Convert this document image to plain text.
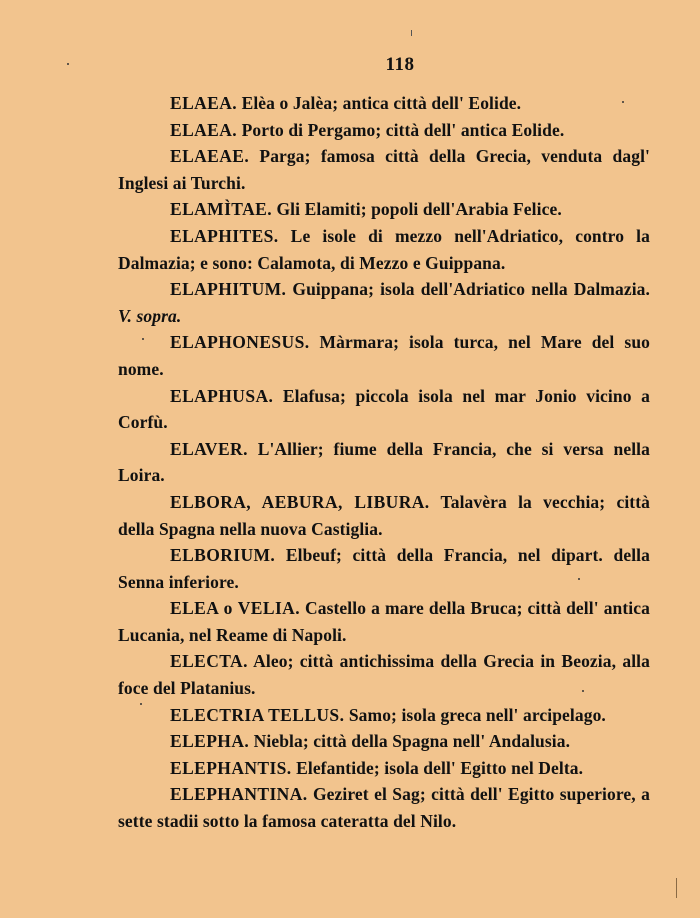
118

ELAEA. Elèa o Jalèa; antica città dell' Eolide.

ELAEA. Porto di Pergamo; città dell' antica Eolide.

ELAEAE. Parga; famosa città della Grecia, venduta dagl' Inglesi ai Turchi.

ELAMÌTAE. Gli Elamiti; popoli dell'Arabia Felice.

ELAPHITES. Le isole di mezzo nell'Adriatico, contro la Dalmazia; e sono: Calamota, di Mezzo e Guippana.

ELAPHITUM. Guippana; isola dell'Adriatico nella Dalmazia. V. sopra.

ELAPHONESUS. Màrmara; isola turca, nel Mare del suo nome.

ELAPHUSA. Elafusa; piccola isola nel mar Jonio vicino a Corfù.

ELAVER. L'Allier; fiume della Francia, che si versa nella Loira.

ELBORA, AEBURA, LIBURA. Talavèra la vecchia; città della Spagna nella nuova Castiglia.

ELBORIUM. Elbeuf; città della Francia, nel dipart. della Senna inferiore.

ELEA o VELIA. Castello a mare della Bruca; città dell' antica Lucania, nel Reame di Napoli.

ELECTA. Aleo; città antichissima della Grecia in Beozia, alla foce del Platanius.

ELECTRIA TELLUS. Samo; isola greca nell' arcipelago.

ELEPHA. Niebla; città della Spagna nell' Andalusia.

ELEPHANTIS. Elefantide; isola dell' Egitto nel Delta.

ELEPHANTINA. Geziret el Sag; città dell' Egitto superiore, a sette stadii sotto la famosa cateratta del Nilo.
